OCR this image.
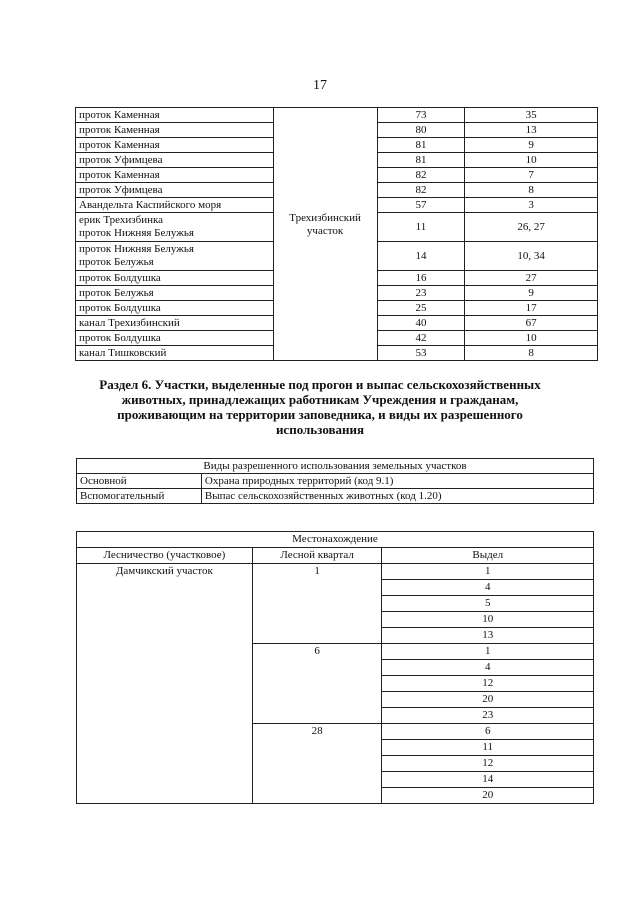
17
проток Каменная	Трехизбинский участок	73	35
проток Каменная		80	13
проток Каменная		81	9
проток Уфимцева		81	10
проток Каменная		82	7
проток Уфимцева		82	8
Авандельта Каспийского моря		57	3

ерик Трехизбинка
проток Нижняя Белужья		11	26, 27

проток Нижняя Белужья
проток Белужья		14	10, 34
проток Болдушка		16	27
проток Белужья		23	9
проток Болдушка		25	17
канал Трехизбинский		40	67
проток Болдушка		42	10
канал Тишковский		53	8
Раздел 6. Участки, выделенные под прогон и выпас сельскохозяйственных
животных, принадлежащих работникам Учреждения и гражданам,
проживающим на территории заповедника, и виды их разрешенного
использования
Виды разрешенного использования земельных участков	
Основной	Охрана природных территорий (код 9.1)
Вспомогательный	Выпас сельскохозяйственных животных (код 1.20)
Местонахождение		
Лесничество (участковое)	Лесной квартал	Выдел
Дамчикский участок	1	1
		4
		5
		10
		13
	6	1
		4
		12
		20
		23
	28	6
		11
		12
		14
		20
